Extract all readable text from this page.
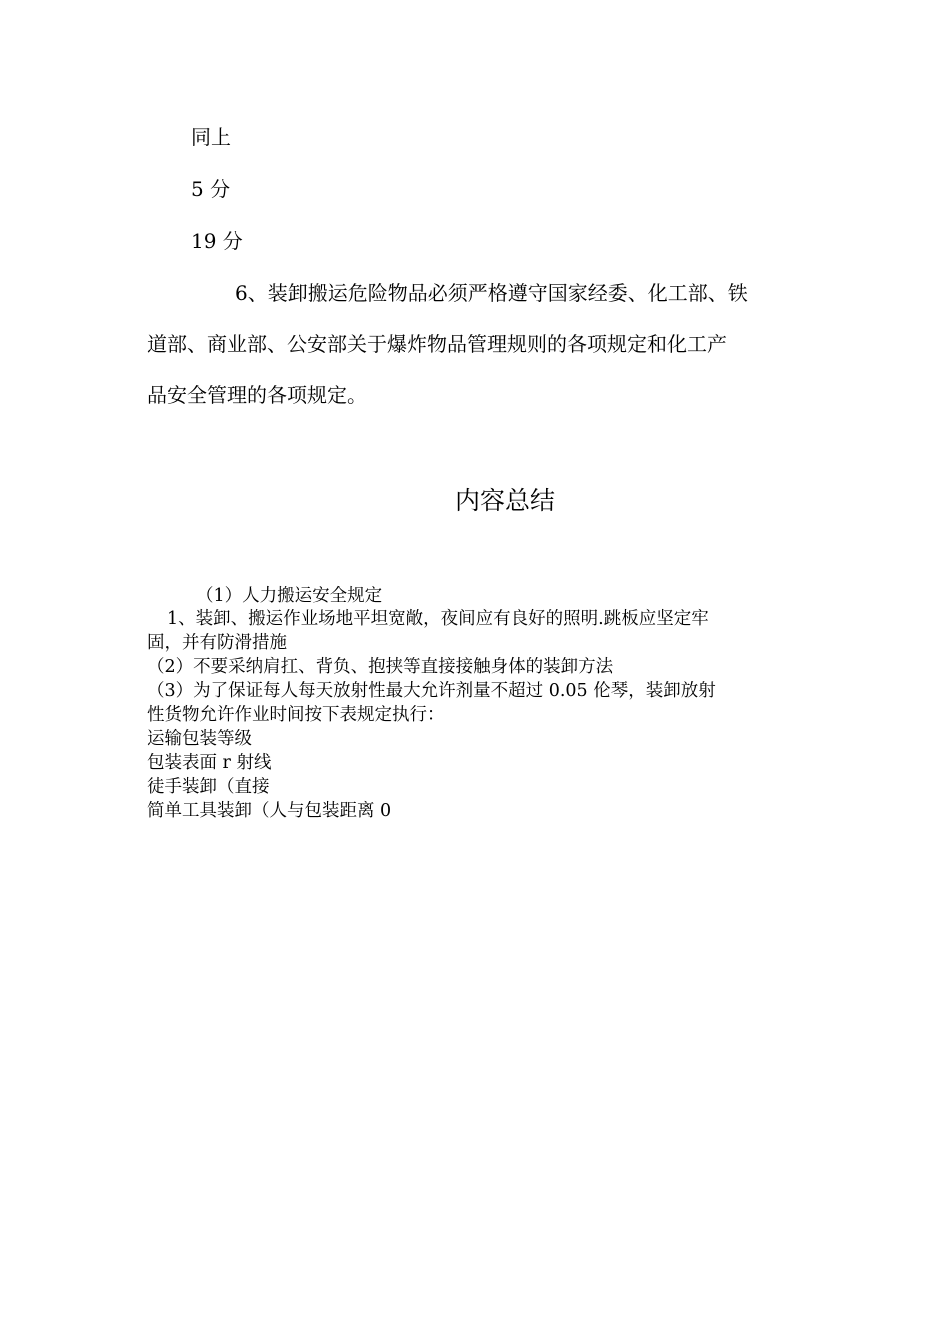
同上
5 分
19 分
6、装卸搬运危险物品必须严格遵守国家经委、化工部、铁
道部、商业部、公安部关于爆炸物品管理规则的各项规定和化工产
品安全管理的各项规定。
内容总结
（1）人力搬运安全规定
1、装卸、搬运作业场地平坦宽敞，夜间应有良好的照明.跳板应坚定牢
固，并有防滑措施
（2）不要采纳肩扛、背负、抱挟等直接接触身体的装卸方法
（3）为了保证每人每天放射性最大允许剂量不超过 0.05 伦琴，装卸放射
性货物允许作业时间按下表规定执行：
运输包装等级
包装表面 r 射线
徒手装卸（直接
简单工具装卸（人与包装距离 0
